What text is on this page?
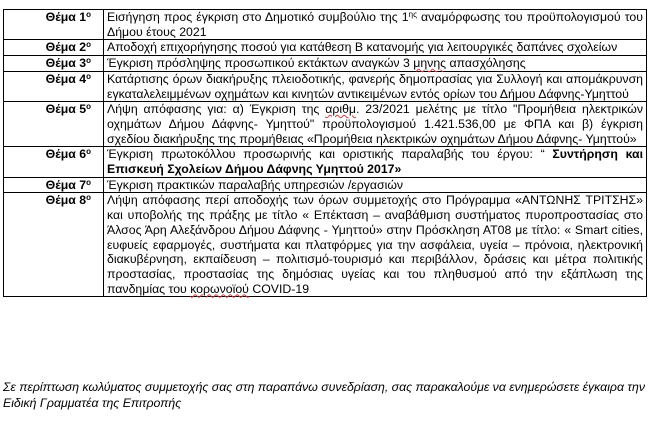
Θέμα $1^o$	Εισήγηση προς έγκριση στο Δημοτικό συμβούλιο της $1^{\eta\varsigma}$ αναμόρφωσης του προϋπολογισμού του Δήμου έτους 2021
Θέμα $2^o$	Αποδοχή επιχορήγησης ποσού για κατάθεση Β κατανομής για λειτουργικές δαπάνες σχολείων
Θέμα $3^o$	Έγκριση πρόσληψης προσωπικού εκτάκτων αναγκών 3 μηνης απασχόλησης
Θέμα $4^o$	Κατάρτισης όρων διακήρυξης πλειοδοτικής, φανερής δημοπρασίας για Συλλογή και απομάκρυνση εγκαταλελειμμένων οχημάτων και κινητών αντικειμένων εντός ορίων του Δήμου Δάφνης-Υμηττού
Θέμα $5^o$	Λήψη απόφασης για: α) Έγκριση της αριθμ. 23/2021 μελέτης με τίτλο "Προμήθεια ηλεκτρικών οχημάτων Δήμου Δάφνης- Υμηττού" προϋπολογισμού 1.421.536,00 με ΦΠΑ και β) έγκριση σχεδίου διακήρυξης της προμήθειας «Προμήθεια ηλεκτρικών οχημάτων Δήμου Δάφνης- Υμηττού»
Θέμα $6^o$	Έγκριση πρωτοκόλλου προσωρινής και οριστικής παραλαβής του έργου: “ Συντήρηση και Επισκευή Σχολείων Δήμου Δάφνης Υμηττού 2017»
Θέμα $7^o$	Έγκριση πρακτικών παραλαβής υπηρεσιών /εργασιών
Θέμα $8^o$	Λήψη απόφασης περί αποδοχής των όρων συμμετοχής στο Πρόγραμμα «ΑΝΤΩΝΗΣ ΤΡΙΤΣΗΣ» και υποβολής της πράξης με τίτλο « Επέκταση – αναβάθμιση συστήματος πυροπροστασίας στο Άλσος Άρη Αλεξάνδρου Δήμου Δάφνης - Υμηττού» στην Πρόσκληση ΑΤ08 με τίτλο: « Smart cities, ευφυείς εφαρμογές, συστήματα και πλατφόρμες για την ασφάλεια, υγεία – πρόνοια, ηλεκτρονική διακυβέρνηση, εκπαίδευση – πολιτισμό-τουρισμό και περιβάλλον, δράσεις και μέτρα πολιτικής προστασίας, προστασίας της δημόσιας υγείας και του πληθυσμού από την εξάπλωση της πανδημίας του κορωνοϊού COVID-19

Σε περίπτωση κωλύματος συμμετοχής σας στη παραπάνω συνεδρίαση, σας παρακαλούμε να ενημερώσετε έγκαιρα την Ειδική Γραμματέα της Επιτροπής
